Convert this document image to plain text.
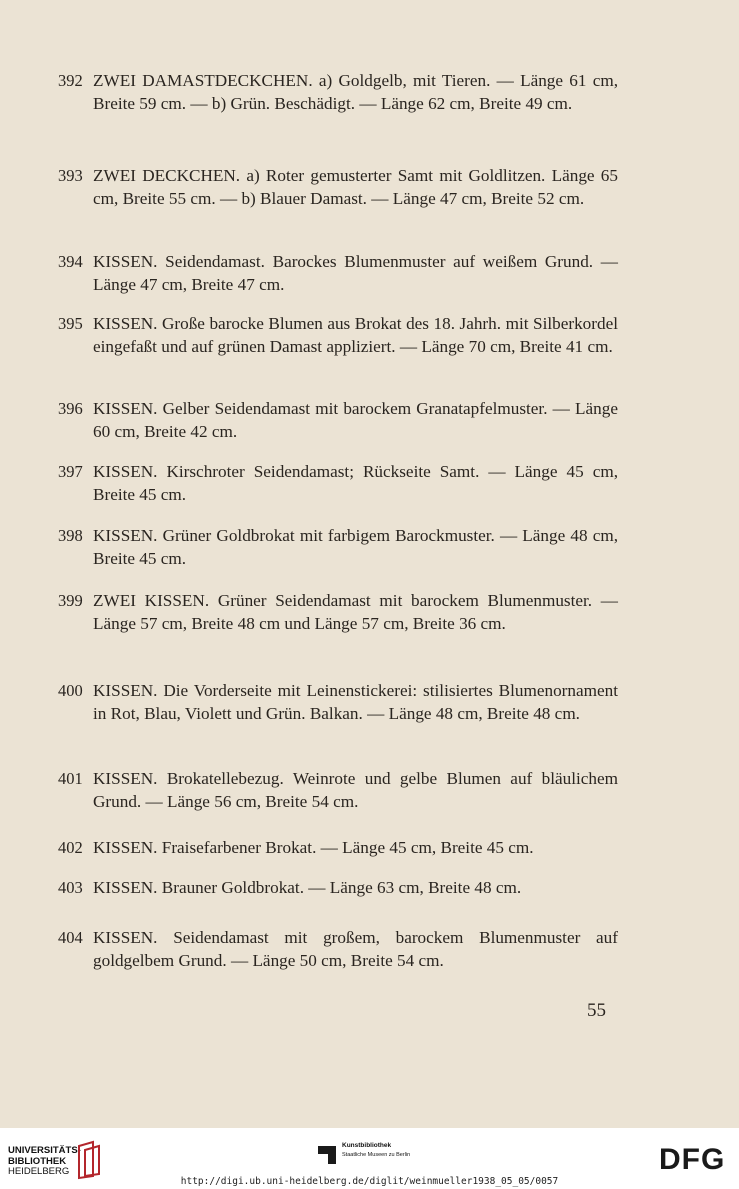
392 ZWEI DAMASTDECKCHEN. a) Goldgelb, mit Tieren. — Länge 61 cm, Breite 59 cm. — b) Grün. Beschädigt. — Länge 62 cm, Breite 49 cm.
393 ZWEI DECKCHEN. a) Roter gemusterter Samt mit Goldlitzen. Länge 65 cm, Breite 55 cm. — b) Blauer Damast. — Länge 47 cm, Breite 52 cm.
394 KISSEN. Seidendamast. Barockes Blumenmuster auf weißem Grund. — Länge 47 cm, Breite 47 cm.
395 KISSEN. Große barocke Blumen aus Brokat des 18. Jahrh. mit Silberkordel eingefaßt und auf grünen Damast appliziert. — Länge 70 cm, Breite 41 cm.
396 KISSEN. Gelber Seidendamast mit barockem Granatapfelmuster. — Länge 60 cm, Breite 42 cm.
397 KISSEN. Kirschroter Seidendamast; Rückseite Samt. — Länge 45 cm, Breite 45 cm.
398 KISSEN. Grüner Goldbrokat mit farbigem Barockmuster. — Länge 48 cm, Breite 45 cm.
399 ZWEI KISSEN. Grüner Seidendamast mit barockem Blumenmuster. — Länge 57 cm, Breite 48 cm und Länge 57 cm, Breite 36 cm.
400 KISSEN. Die Vorderseite mit Leinenstickerei: stilisiertes Blumenornament in Rot, Blau, Violett und Grün. Balkan. — Länge 48 cm, Breite 48 cm.
401 KISSEN. Brokatellebezug. Weinrote und gelbe Blumen auf bläulichem Grund. — Länge 56 cm, Breite 54 cm.
402 KISSEN. Fraisefarbener Brokat. — Länge 45 cm, Breite 45 cm.
403 KISSEN. Brauner Goldbrokat. — Länge 63 cm, Breite 48 cm.
404 KISSEN. Seidendamast mit großem, barockem Blumenmuster auf goldgelbem Grund. — Länge 50 cm, Breite 54 cm.
55
UNIVERSITÄTS-
BIBLIOTHEK
HEIDELBERG
Kunstbibliothek
Staatliche Museen zu Berlin
http://digi.ub.uni-heidelberg.de/diglit/weinmueller1938_05_05/0057
DFG
